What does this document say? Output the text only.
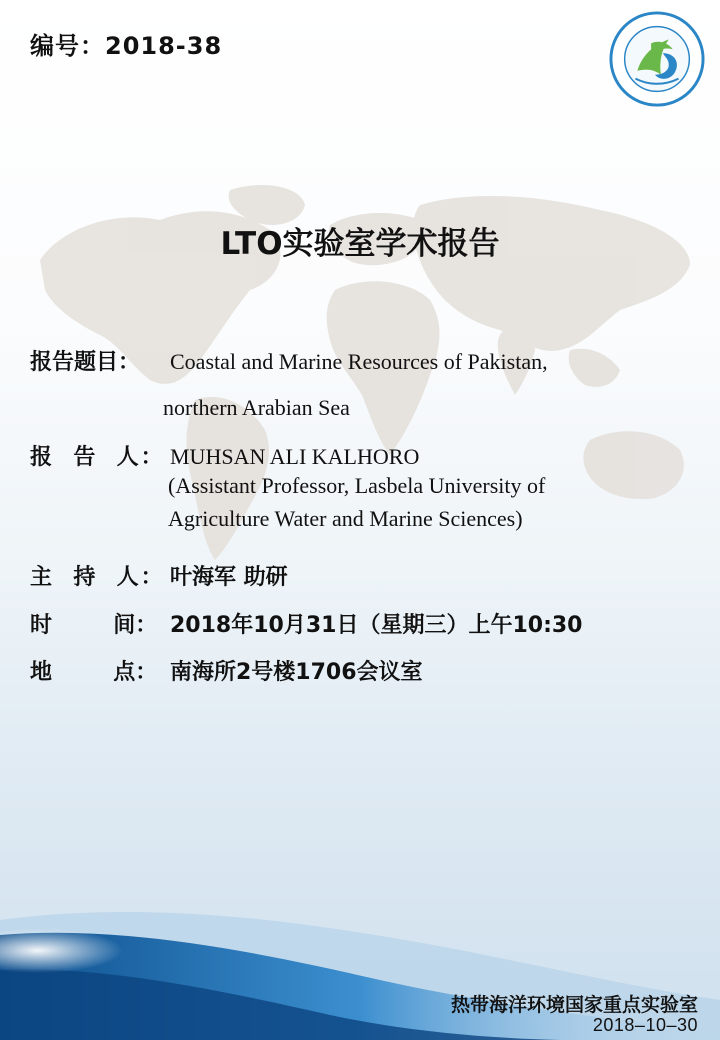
编号：2018-38
LTO实验室学术报告
报告题目： Coastal and Marine Resources of Pakistan,
northern Arabian Sea
报  告  人： MUHSAN ALI KALHORO
(Assistant Professor, Lasbela University of
Agriculture Water and Marine Sciences)
主  持  人： 叶海军 助研
时        间： 2018年10月31日（星期三）上午10:30
地        点： 南海所2号楼1706会议室
热带海洋环境国家重点实验室
2018–10–30
